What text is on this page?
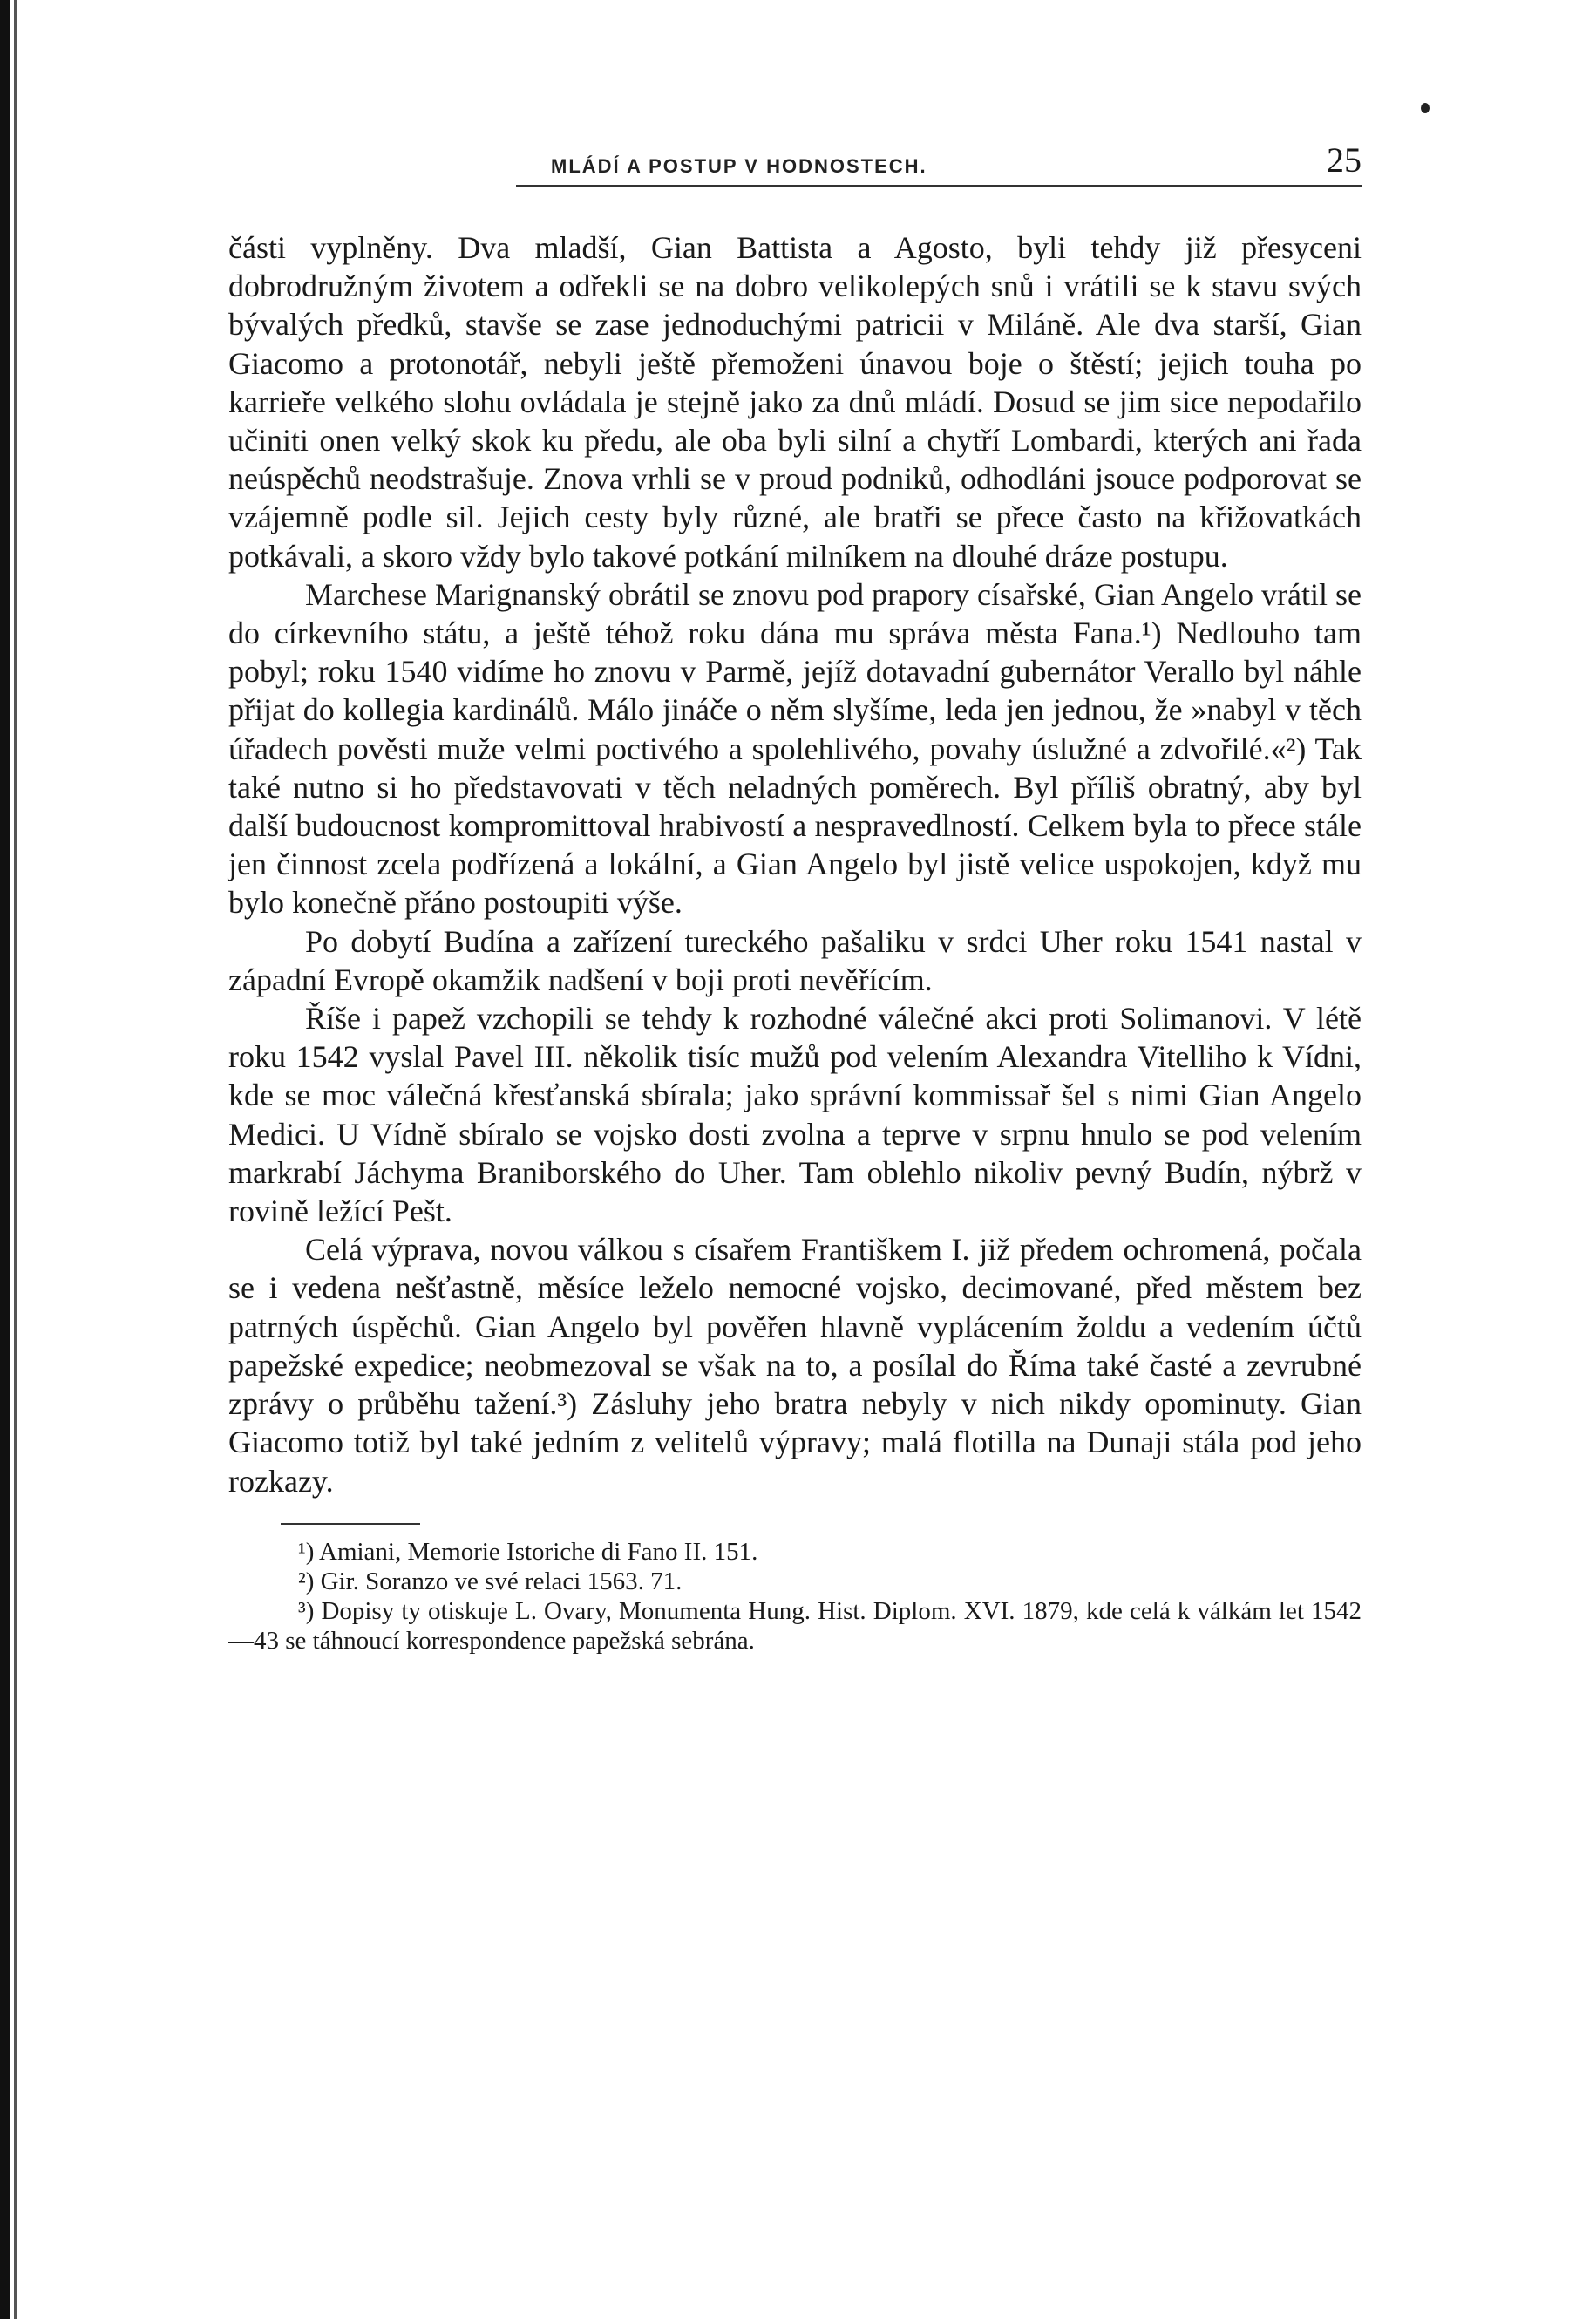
MLÁDÍ A POSTUP V HODNOSTECH.	25

části vyplněny. Dva mladší, Gian Battista a Agosto, byli tehdy již přesyceni dobrodružným životem a odřekli se na dobro velikolepých snů i vrátili se k stavu svých bývalých předků, stavše se zase jednoduchými patricii v Miláně. Ale dva starší, Gian Giacomo a protonotář, nebyli ještě přemoženi únavou boje o štěstí; jejich touha po karrieře velkého slohu ovládala je stejně jako za dnů mládí. Dosud se jim sice nepodařilo učiniti onen velký skok ku předu, ale oba byli silní a chytří Lombardi, kterých ani řada neúspěchů neodstrašuje. Znova vrhli se v proud podniků, odhodláni jsouce podporovat se vzájemně podle sil. Jejich cesty byly různé, ale bratři se přece často na křižovatkách potkávali, a skoro vždy bylo takové potkání milníkem na dlouhé dráze postupu.

Marchese Marignanský obrátil se znovu pod prapory císařské, Gian Angelo vrátil se do církevního státu, a ještě téhož roku dána mu správa města Fana.¹) Nedlouho tam pobyl; roku 1540 vidíme ho znovu v Parmě, jejíž dotavadní gubernátor Verallo byl náhle přijat do kollegia kardinálů. Málo jináče o něm slyšíme, leda jen jednou, že »nabyl v těch úřadech pověsti muže velmi poctivého a spolehlivého, povahy úslužné a zdvořilé.«²) Tak také nutno si ho představovati v těch neladných poměrech. Byl příliš obratný, aby byl další budoucnost kompromittoval hrabivostí a nespravedlností. Celkem byla to přece stále jen činnost zcela podřízená a lokální, a Gian Angelo byl jistě velice uspokojen, když mu bylo konečně přáno postoupiti výše.

Po dobytí Budína a zařízení tureckého pašaliku v srdci Uher roku 1541 nastal v západní Evropě okamžik nadšení v boji proti nevěřícím.

Říše i papež vzchopili se tehdy k rozhodné válečné akci proti Solimanovi. V létě roku 1542 vyslal Pavel III. několik tisíc mužů pod velením Alexandra Vitelliho k Vídni, kde se moc válečná křesťanská sbírala; jako správní kommissař šel s nimi Gian Angelo Medici. U Vídně sbíralo se vojsko dosti zvolna a teprve v srpnu hnulo se pod velením markrabí Jáchyma Braniborského do Uher. Tam oblehlo nikoliv pevný Budín, nýbrž v rovině ležící Pešt.

Celá výprava, novou válkou s císařem Františkem I. již předem ochromená, počala se i vedena nešťastně, měsíce leželo nemocné vojsko, decimované, před městem bez patrných úspěchů. Gian Angelo byl pověřen hlavně vyplácením žoldu a vedením účtů papežské expedice; neobmezoval se však na to, a posílal do Říma také časté a zevrubné zprávy o průběhu tažení.³) Zásluhy jeho bratra nebyly v nich nikdy opominuty. Gian Giacomo totiž byl také jedním z velitelů výpravy; malá flotilla na Dunaji stála pod jeho rozkazy.

¹) Amiani, Memorie Istoriche di Fano II. 151.

²) Gir. Soranzo ve své relaci 1563. 71.

³) Dopisy ty otiskuje L. Ovary, Monumenta Hung. Hist. Diplom. XVI. 1879, kde celá k válkám let 1542—43 se táhnoucí korrespondence papežská sebrána.
